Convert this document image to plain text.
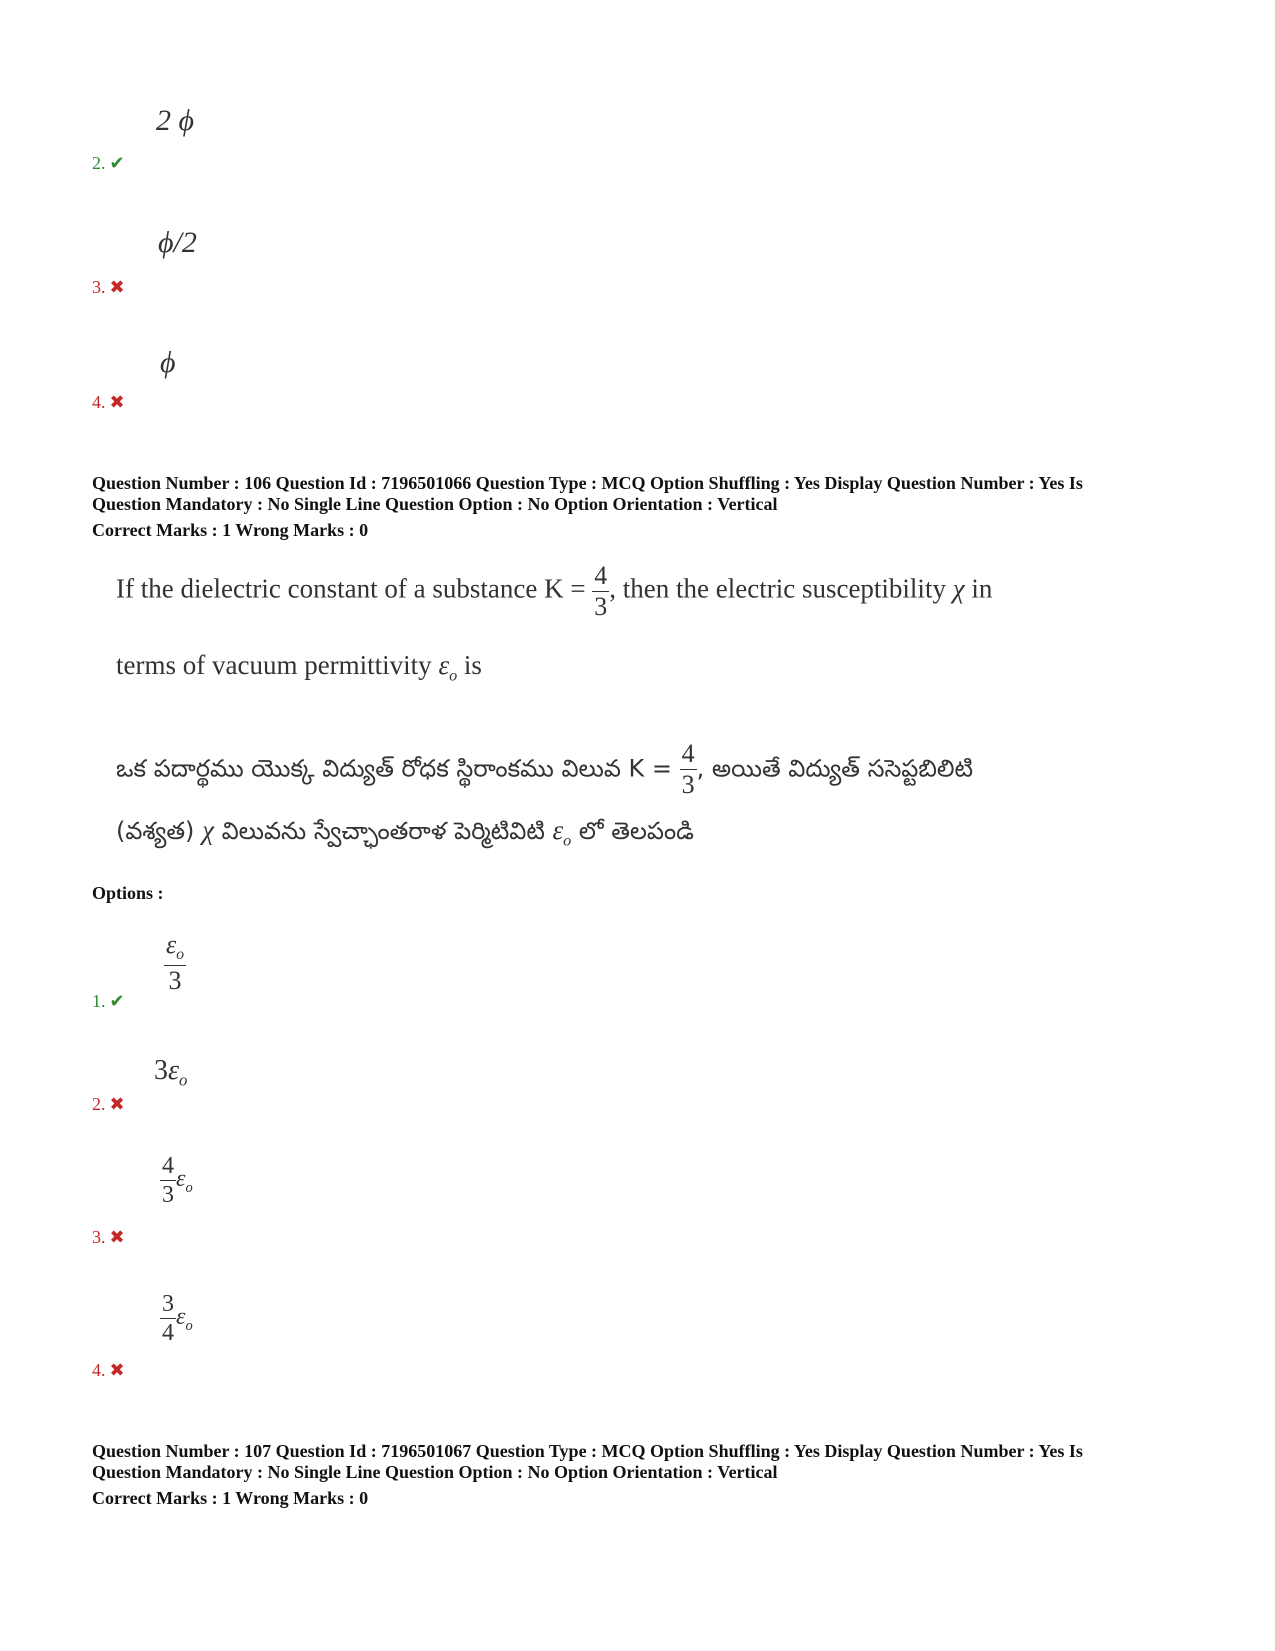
2 ϕ
2. ✔
ϕ/2
3. ✖
ϕ
4. ✖
Question Number : 106 Question Id : 7196501066 Question Type : MCQ Option Shuffling : Yes Display Question Number : Yes Is
Question Mandatory : No Single Line Question Option : No Option Orientation : Vertical
Correct Marks : 1 Wrong Marks : 0
If the dielectric constant of a substance $K = \frac{4}{3}$ , then the electric susceptibility χ in
terms of vacuum permittivity $\varepsilon_o$ is
ఒక పదార్థము యొక్క విద్యుత్ రోధక స్థిరాంకము విలువ $K = \frac{4}{3}$ , అయితే విద్యుత్ ససెప్టబిలిటి
(వశ్యత) χ విలువను స్వేచ్ఛాంతరాళ పెర్మిటివిటి $\varepsilon_o$ లో తెలపండి
Options :
$\frac{\varepsilon_o}{3}$
1. ✔
$3\varepsilon_o$
2. ✖
$\frac{4}{3} \varepsilon_o$
3. ✖
$\frac{3}{4} \varepsilon_o$
4. ✖
Question Number : 107 Question Id : 7196501067 Question Type : MCQ Option Shuffling : Yes Display Question Number : Yes Is
Question Mandatory : No Single Line Question Option : No Option Orientation : Vertical
Correct Marks : 1 Wrong Marks : 0
